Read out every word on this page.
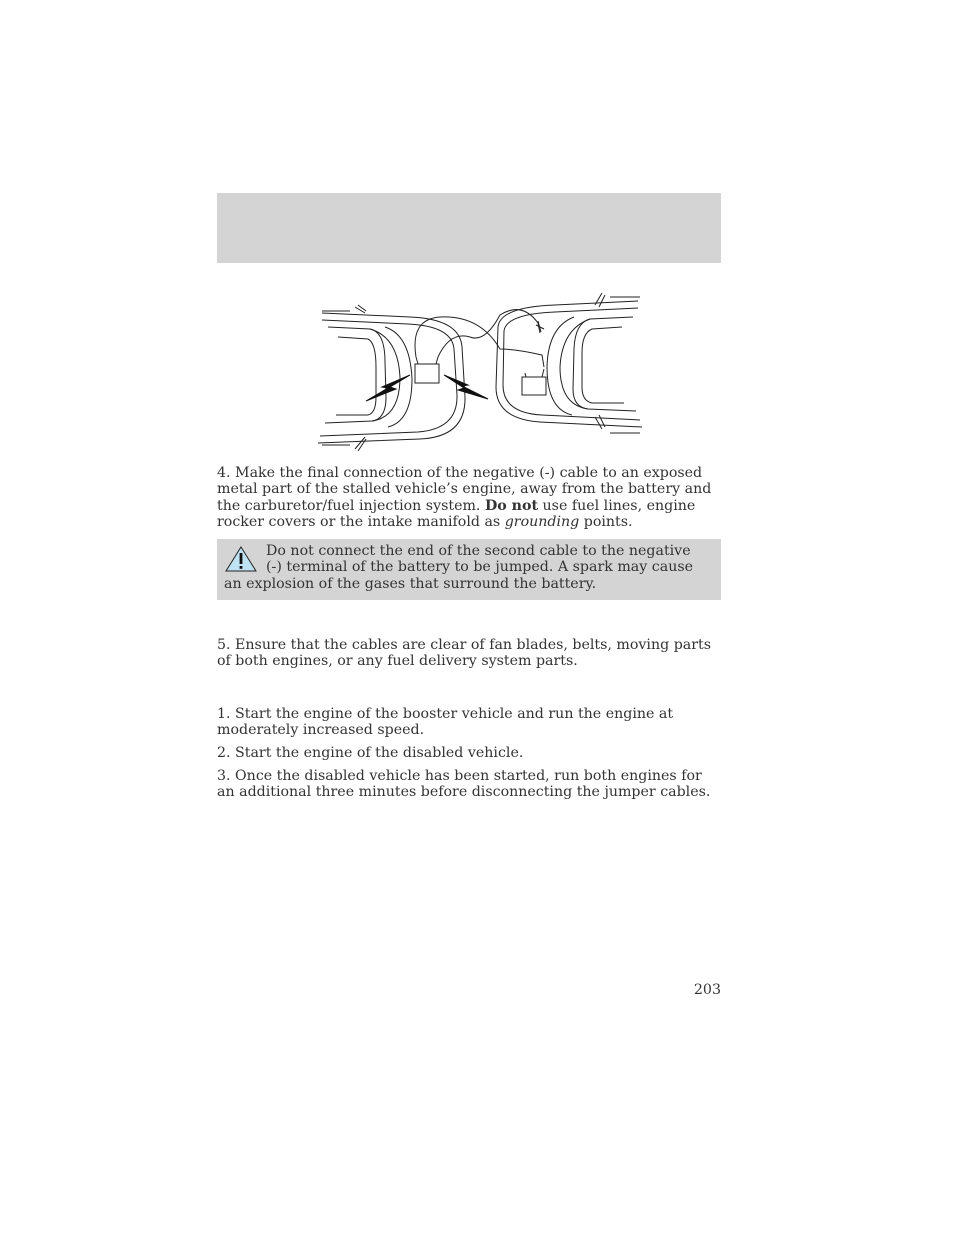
4. Make the final connection of the negative (-) cable to an exposed metal part of the stalled vehicle’s engine, away from the battery and the carburetor/fuel injection system. Do not use fuel lines, engine rocker covers or the intake manifold as grounding points.

Do not connect the end of the second cable to the negative (-) terminal of the battery to be jumped. A spark may cause an explosion of the gases that surround the battery.

5. Ensure that the cables are clear of fan blades, belts, moving parts of both engines, or any fuel delivery system parts.

1. Start the engine of the booster vehicle and run the engine at moderately increased speed.

2. Start the engine of the disabled vehicle.

3. Once the disabled vehicle has been started, run both engines for an additional three minutes before disconnecting the jumper cables.

203
